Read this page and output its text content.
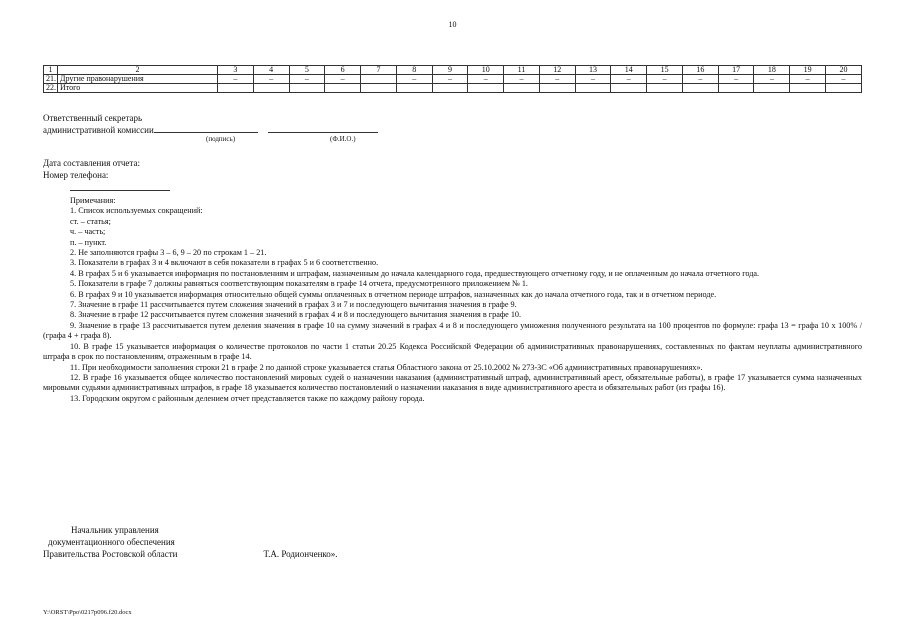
10
1	2	3	4	5	6	7	8	9	10	11	12	13	14	15	16	17	18	19	20
21.	Другие правонарушения	–	–	–	–		–	–	–	–	–	–	–	–	–	–	–	–	–
22.	Итого																		
Ответственный секретарь
административной комиссии
(подпись)	(Ф.И.О.)
Дата составления отчета:
Номер телефона:

Примечания:

1. Список используемых сокращений:

ст. – статья;

ч. – часть;

п. – пункт.

2. Не заполняются графы 3 – 6, 9 – 20 по строкам 1 – 21.

3. Показатели в графах 3 и 4 включают в себя показатели в графах 5 и 6 соответственно.

4. В графах 5 и 6 указывается информация по постановлениям и штрафам, назначенным до начала календарного года, предшествующего отчетному году, и не оплаченным до начала отчетного года.

5. Показатели в графе 7 должны равняться соответствующим показателям в графе 14 отчета, предусмотренного приложением № 1.

6. В графах 9 и 10 указывается информация относительно общей суммы оплаченных в отчетном периоде штрафов, назначенных как до начала отчетного года, так и в отчетном периоде.

7. Значение в графе 11 рассчитывается путем сложения значений в графах 3 и 7 и последующего вычитания значения в графе 9.

8. Значение в графе 12 рассчитывается путем сложения значений в графах 4 и 8 и последующего вычитания значения в графе 10.

9. Значение в графе 13 рассчитывается путем деления значения в графе 10 на сумму значений в графах 4 и 8 и последующего умножения полученного результата на 100 процентов по формуле: графа 13 = графа 10 х 100% / (графа 4 + графа 8).

10. В графе 15 указывается информация о количестве протоколов по части 1 статьи 20.25 Кодекса Российской Федерации об административных правонарушениях, составленных по фактам неуплаты административного штрафа в срок по постановлениям, отраженным в графе 14.

11. При необходимости заполнения строки 21 в графе 2 по данной строке указывается статья Областного закона от 25.10.2002 № 273-ЗС «Об административных правонарушениях».

12. В графе 16 указывается общее количество постановлений мировых судей о назначении наказания (административный штраф, административный арест, обязательные работы), в графе 17 указывается сумма назначенных мировыми судьями административных штрафов, в графе 18 указывается количество постановлений о назначении наказания в виде административного ареста и обязательных работ (из графы 16).

13. Городским округом с районным делением отчет представляется также по каждому району города.

Начальник управления
документационного обеспечения
Правительства Ростовской области	Т.А. Родионченко».
Y:\ORST\Ppo\0217p096.f20.docx
